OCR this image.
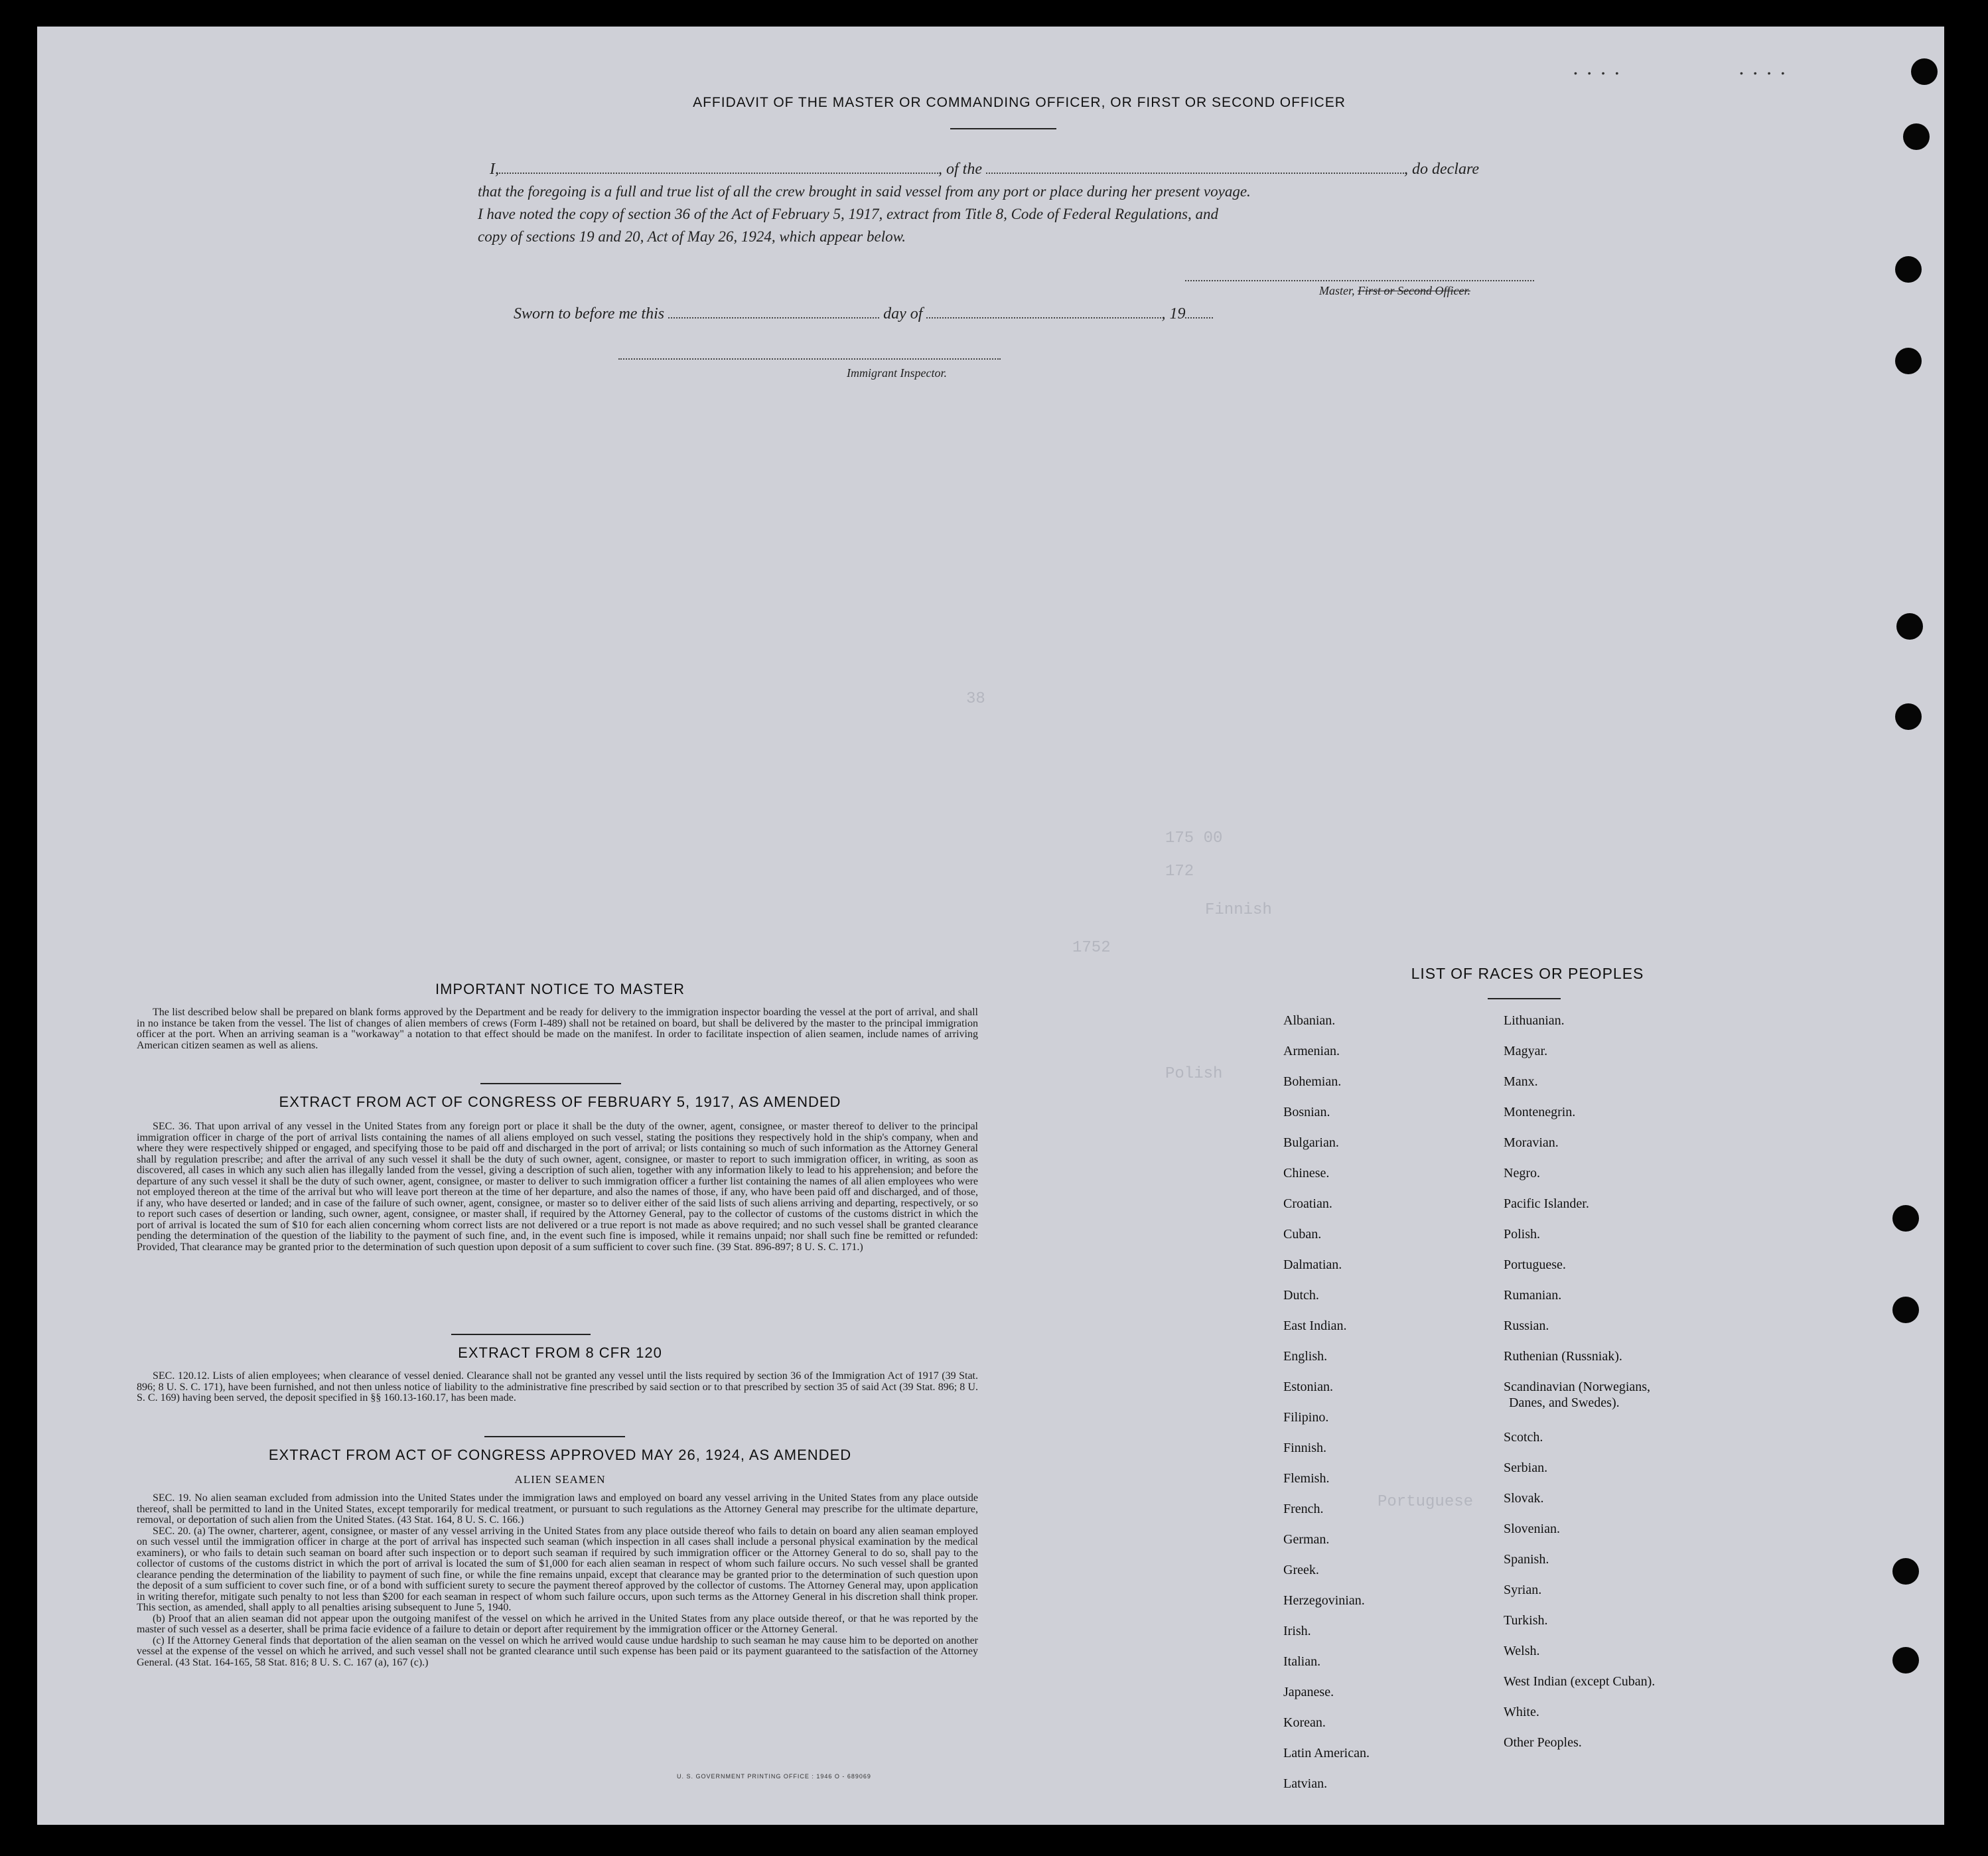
• • • •	• • • •
38
175 00
172
Finnish
1752
Polish
Portuguese
AFFIDAVIT OF THE MASTER OR COMMANDING OFFICER, OR FIRST OR SECOND OFFICER
I,	, of the	, do declare
that the foregoing is a full and true list of all the crew brought in said vessel from any port or place during her present voyage.
I have noted the copy of section 36 of the Act of February 5, 1917, extract from Title 8, Code of Federal Regulations, and
copy of sections 19 and 20, Act of May 26, 1924, which appear below.
Master, First or Second Officer.
Sworn to before me this	day of	, 19
Immigrant Inspector.
IMPORTANT NOTICE TO MASTER

The list described below shall be prepared on blank forms approved by the Department and be ready for delivery to the immigration inspector boarding the vessel at the port of arrival, and shall in no instance be taken from the vessel. The list of changes of alien members of crews (Form I-489) shall not be retained on board, but shall be delivered by the master to the principal immigration officer at the port. When an arriving seaman is a "workaway" a notation to that effect should be made on the manifest. In order to facilitate inspection of alien seamen, include names of arriving American citizen seamen as well as aliens.

EXTRACT FROM ACT OF CONGRESS OF FEBRUARY 5, 1917, AS AMENDED

SEC. 36. That upon arrival of any vessel in the United States from any foreign port or place it shall be the duty of the owner, agent, consignee, or master thereof to deliver to the principal immigration officer in charge of the port of arrival lists containing the names of all aliens employed on such vessel, stating the positions they respectively hold in the ship's company, when and where they were respectively shipped or engaged, and specifying those to be paid off and discharged in the port of arrival; or lists containing so much of such information as the Attorney General shall by regulation prescribe; and after the arrival of any such vessel it shall be the duty of such owner, agent, consignee, or master to report to such immigration officer, in writing, as soon as discovered, all cases in which any such alien has illegally landed from the vessel, giving a description of such alien, together with any information likely to lead to his apprehension; and before the departure of any such vessel it shall be the duty of such owner, agent, consignee, or master to deliver to such immigration officer a further list containing the names of all alien employees who were not employed thereon at the time of the arrival but who will leave port thereon at the time of her departure, and also the names of those, if any, who have been paid off and discharged, and of those, if any, who have deserted or landed; and in case of the failure of such owner, agent, consignee, or master so to deliver either of the said lists of such aliens arriving and departing, respectively, or so to report such cases of desertion or landing, such owner, agent, consignee, or master shall, if required by the Attorney General, pay to the collector of customs of the customs district in which the port of arrival is located the sum of $10 for each alien concerning whom correct lists are not delivered or a true report is not made as above required; and no such vessel shall be granted clearance pending the determination of the question of the liability to the payment of such fine, and, in the event such fine is imposed, while it remains unpaid; nor shall such fine be remitted or refunded: Provided, That clearance may be granted prior to the determination of such question upon deposit of a sum sufficient to cover such fine. (39 Stat. 896-897; 8 U. S. C. 171.)

EXTRACT FROM 8 CFR 120

SEC. 120.12. Lists of alien employees; when clearance of vessel denied. Clearance shall not be granted any vessel until the lists required by section 36 of the Immigration Act of 1917 (39 Stat. 896; 8 U. S. C. 171), have been furnished, and not then unless notice of liability to the administrative fine prescribed by said section or to that prescribed by section 35 of said Act (39 Stat. 896; 8 U. S. C. 169) having been served, the deposit specified in §§ 160.13-160.17, has been made.

EXTRACT FROM ACT OF CONGRESS APPROVED MAY 26, 1924, AS AMENDED
ALIEN SEAMEN

SEC. 19. No alien seaman excluded from admission into the United States under the immigration laws and employed on board any vessel arriving in the United States from any place outside thereof, shall be permitted to land in the United States, except temporarily for medical treatment, or pursuant to such regulations as the Attorney General may prescribe for the ultimate departure, removal, or deportation of such alien from the United States. (43 Stat. 164, 8 U. S. C. 166.)

SEC. 20. (a) The owner, charterer, agent, consignee, or master of any vessel arriving in the United States from any place outside thereof who fails to detain on board any alien seaman employed on such vessel until the immigration officer in charge at the port of arrival has inspected such seaman (which inspection in all cases shall include a personal physical examination by the medical examiners), or who fails to detain such seaman on board after such inspection or to deport such seaman if required by such immigration officer or the Attorney General to do so, shall pay to the collector of customs of the customs district in which the port of arrival is located the sum of $1,000 for each alien seaman in respect of whom such failure occurs. No such vessel shall be granted clearance pending the determination of the liability to payment of such fine, or while the fine remains unpaid, except that clearance may be granted prior to the determination of such question upon the deposit of a sum sufficient to cover such fine, or of a bond with sufficient surety to secure the payment thereof approved by the collector of customs. The Attorney General may, upon application in writing therefor, mitigate such penalty to not less than $200 for each seaman in respect of whom such failure occurs, upon such terms as the Attorney General in his discretion shall think proper. This section, as amended, shall apply to all penalties arising subsequent to June 5, 1940.

(b) Proof that an alien seaman did not appear upon the outgoing manifest of the vessel on which he arrived in the United States from any place outside thereof, or that he was reported by the master of such vessel as a deserter, shall be prima facie evidence of a failure to detain or deport after requirement by the immigration officer or the Attorney General.

(c) If the Attorney General finds that deportation of the alien seaman on the vessel on which he arrived would cause undue hardship to such seaman he may cause him to be deported on another vessel at the expense of the vessel on which he arrived, and such vessel shall not be granted clearance until such expense has been paid or its payment guaranteed to the satisfaction of the Attorney General. (43 Stat. 164-165, 58 Stat. 816; 8 U. S. C. 167 (a), 167 (c).)

U. S. GOVERNMENT PRINTING OFFICE : 1946 O - 689069
LIST OF RACES OR PEOPLES
Albanian.
Armenian.
Bohemian.
Bosnian.
Bulgarian.
Chinese.
Croatian.
Cuban.
Dalmatian.
Dutch.
East Indian.
English.
Estonian.
Filipino.
Finnish.
Flemish.
French.
German.
Greek.
Herzegovinian.
Irish.
Italian.
Japanese.
Korean.
Latin American.
Latvian.
Lithuanian.
Magyar.
Manx.
Montenegrin.
Moravian.
Negro.
Pacific Islander.
Polish.
Portuguese.
Rumanian.
Russian.
Ruthenian (Russniak).
Scandinavian (Norwegians,
Danes, and Swedes).
Scotch.
Serbian.
Slovak.
Slovenian.
Spanish.
Syrian.
Turkish.
Welsh.
West Indian (except Cuban).
White.
Other Peoples.
